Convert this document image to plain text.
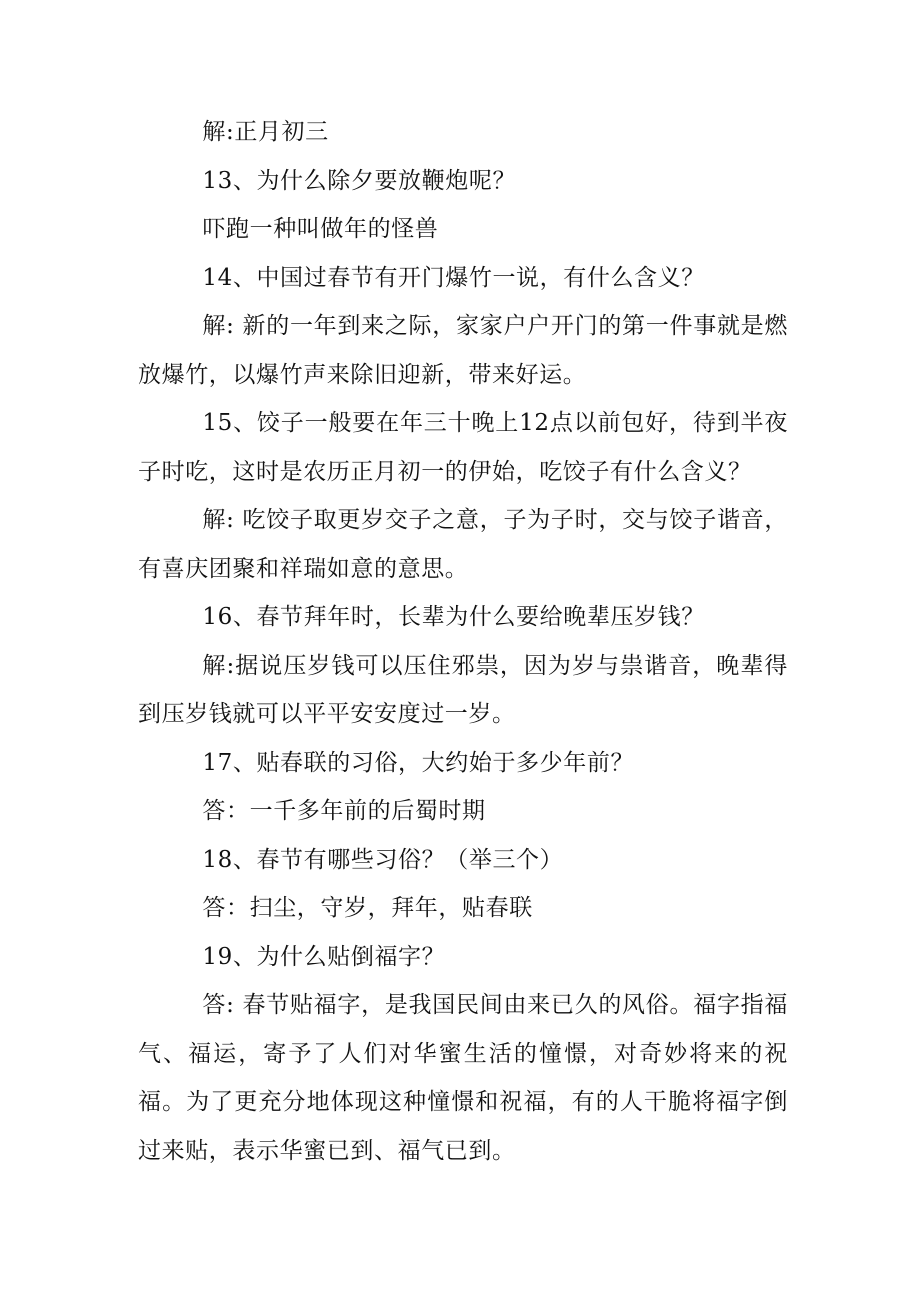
解:正月初三

13、为什么除夕要放鞭炮呢？

吓跑一种叫做年的怪兽

14、中国过春节有开门爆竹一说，有什么含义？

解: 新的一年到来之际，家家户户开门的第一件事就是燃放爆竹，以爆竹声来除旧迎新，带来好运。

15、饺子一般要在年三十晚上12点以前包好，待到半夜子时吃，这时是农历正月初一的伊始，吃饺子有什么含义？

解: 吃饺子取更岁交子之意，子为子时，交与饺子谐音，有喜庆团聚和祥瑞如意的意思。

16、春节拜年时，长辈为什么要给晚辈压岁钱？

解:据说压岁钱可以压住邪祟，因为岁与祟谐音，晚辈得到压岁钱就可以平平安安度过一岁。

17、贴春联的习俗，大约始于多少年前？

答：一千多年前的后蜀时期

18、春节有哪些习俗？（举三个）

答：扫尘，守岁，拜年，贴春联

19、为什么贴倒福字？

答: 春节贴福字，是我国民间由来已久的风俗。福字指福气、福运，寄予了人们对华蜜生活的憧憬，对奇妙将来的祝福。为了更充分地体现这种憧憬和祝福，有的人干脆将福字倒过来贴，表示华蜜已到、福气已到。
